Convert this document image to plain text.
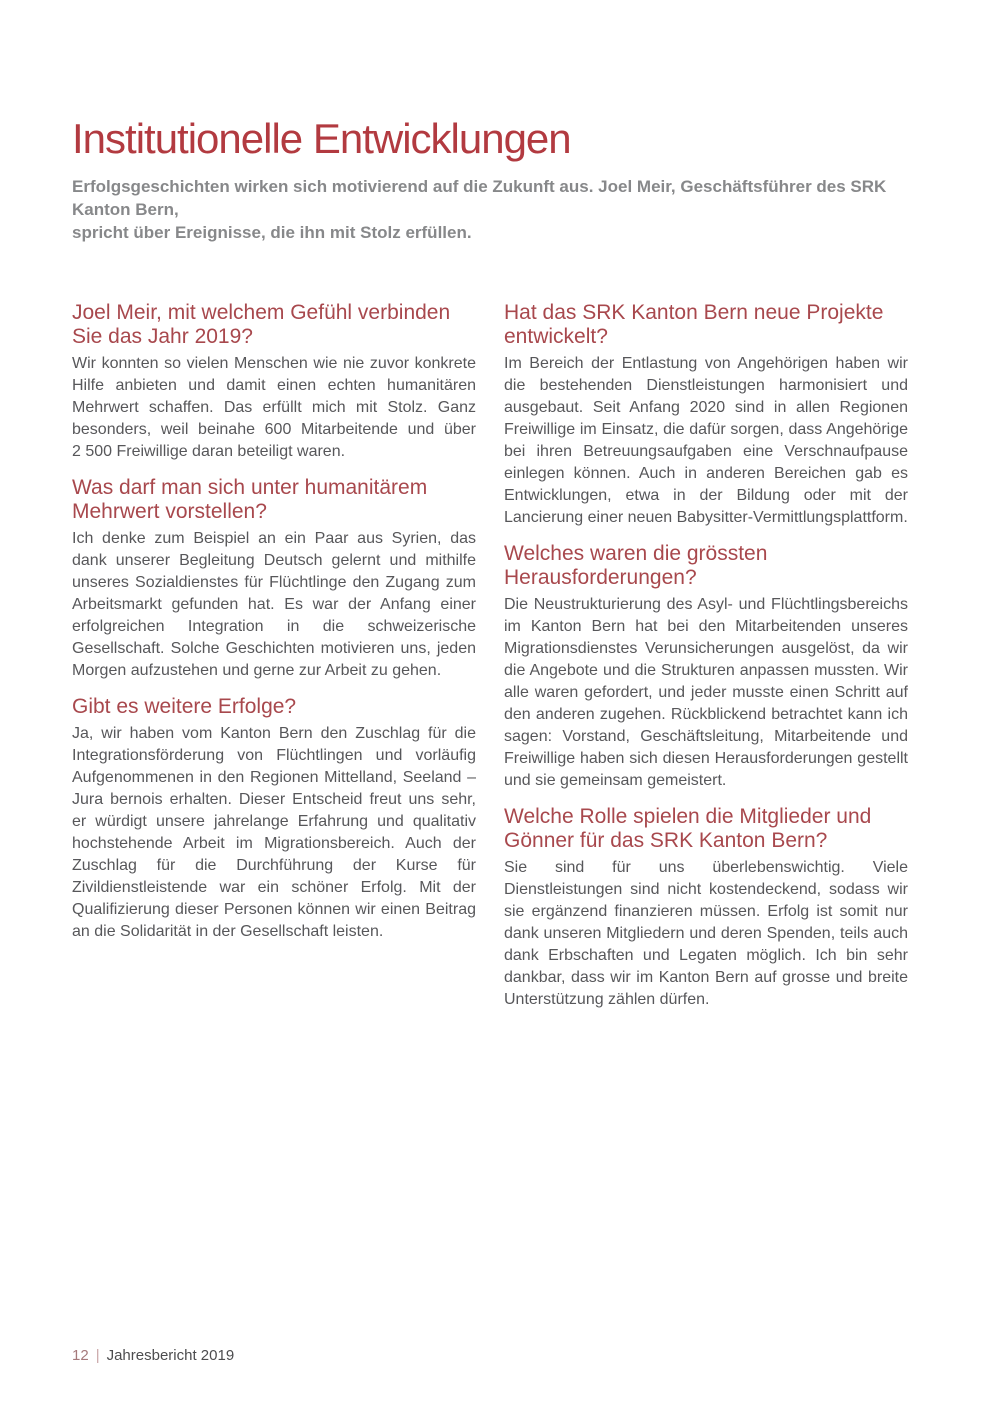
Institutionelle Entwicklungen
Erfolgsgeschichten wirken sich motivierend auf die Zukunft aus. Joel Meir, Geschäftsführer des SRK Kanton Bern,
spricht über Ereignisse, die ihn mit Stolz erfüllen.
Joel Meir, mit welchem Gefühl verbinden Sie das Jahr 2019?

Wir konnten so vielen Menschen wie nie zuvor konkrete Hilfe anbieten und damit einen echten humanitären Mehrwert schaffen. Das erfüllt mich mit Stolz. Ganz besonders, weil beinahe 600 Mitarbeitende und über 2 500 Freiwillige daran beteiligt waren.

Was darf man sich unter humanitärem Mehrwert vorstellen?

Ich denke zum Beispiel an ein Paar aus Syrien, das dank unserer Begleitung Deutsch gelernt und mithilfe unseres Sozialdienstes für Flüchtlinge den Zugang zum Arbeitsmarkt gefunden hat. Es war der Anfang einer erfolgreichen Integration in die schweizerische Gesellschaft. Solche Geschichten motivieren uns, jeden Morgen aufzustehen und gerne zur Arbeit zu gehen.

Gibt es weitere Erfolge?

Ja, wir haben vom Kanton Bern den Zuschlag für die Integrationsförderung von Flüchtlingen und vorläufig Aufgenommenen in den Regionen Mittelland, Seeland – Jura bernois erhalten. Dieser Entscheid freut uns sehr, er würdigt unsere jahrelange Erfahrung und qualitativ hochstehende Arbeit im Migrationsbereich. Auch der Zuschlag für die Durchführung der Kurse für Zivildienstleistende war ein schöner Erfolg. Mit der Qualifizierung dieser Personen können wir einen Beitrag an die Solidarität in der Gesellschaft leisten.

Hat das SRK Kanton Bern neue Projekte entwickelt?

Im Bereich der Entlastung von Angehörigen haben wir die bestehenden Dienstleistungen harmonisiert und ausgebaut. Seit Anfang 2020 sind in allen Regionen Freiwillige im Einsatz, die dafür sorgen, dass Angehörige bei ihren Betreuungsaufgaben eine Verschnaufpause einlegen können. Auch in anderen Bereichen gab es Entwicklungen, etwa in der Bildung oder mit der Lancierung einer neuen Babysitter-Vermittlungsplattform.

Welches waren die grössten Herausforderungen?

Die Neustrukturierung des Asyl- und Flüchtlingsbereichs im Kanton Bern hat bei den Mitarbeitenden unseres Migrationsdienstes Verunsicherungen ausgelöst, da wir die Angebote und die Strukturen anpassen mussten. Wir alle waren gefordert, und jeder musste einen Schritt auf den anderen zugehen. Rückblickend betrachtet kann ich sagen: Vorstand, Geschäftsleitung, Mitarbeitende und Freiwillige haben sich diesen Herausforderungen gestellt und sie gemeinsam gemeistert.

Welche Rolle spielen die Mitglieder und Gönner für das SRK Kanton Bern?

Sie sind für uns überlebenswichtig. Viele Dienstleistungen sind nicht kostendeckend, sodass wir sie ergänzend finanzieren müssen. Erfolg ist somit nur dank unseren Mitgliedern und deren Spenden, teils auch dank Erbschaften und Legaten möglich. Ich bin sehr dankbar, dass wir im Kanton Bern auf grosse und breite Unterstützung zählen dürfen.

12 | Jahresbericht 2019
